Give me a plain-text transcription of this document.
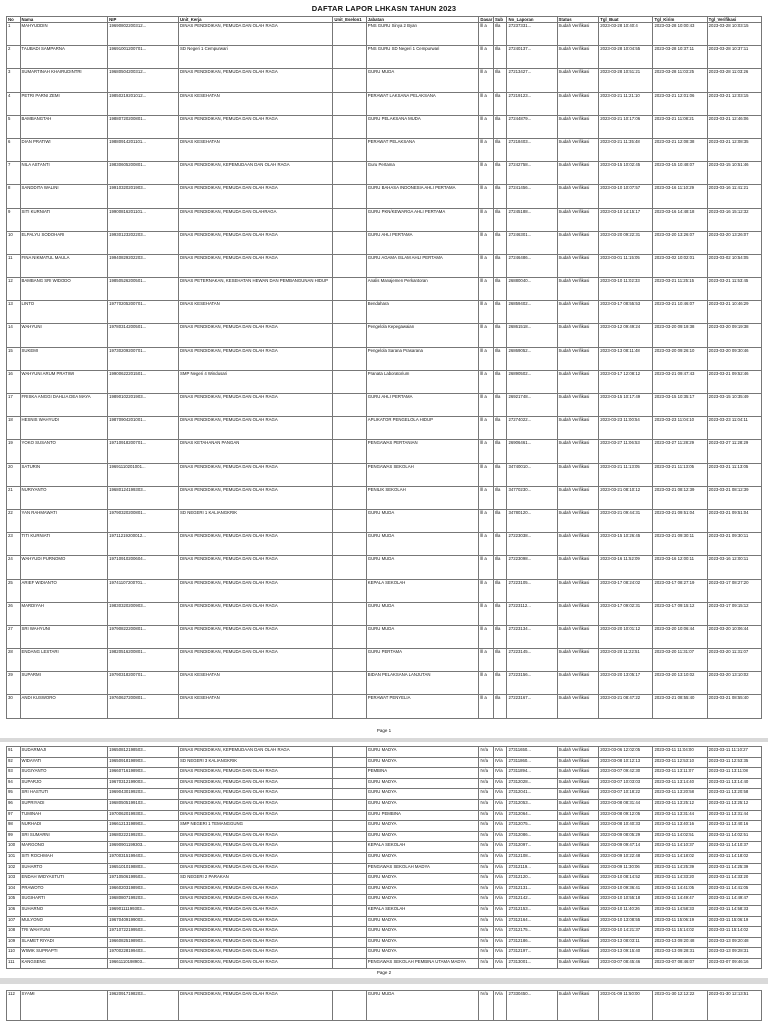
DAFTAR LAPOR LHKASN TAHUN 2023
No	Nama	NIP	Unit_Kerja	Unit_Eselon1	Jabatan	Dasar	Sub	No_Laporan	Status	Tgl_Buat	Tgl_Kirim	Tgl_Verifikasi
1	MAHYUDDIN	19690802200312...	DINAS PENDIDIKAN, PEMUDA DAN OLAH RAGA		PNS GURU Sinya 2 Byan	lll a	Illa	27237331...	Sudah Verifikasi	2023-03-28 10:40:4	2023-03-28 10:00:43	2023-03-28 10:03:15
2	TAUBADI SAMPARNA	19691001200701...	SD Negeri 1 Cempurwari		PNS GURU SD Negeri 1 Cempurwari	lll a	Illa	27240137...	Sudah Verifikasi	2023-03-28 10:04:55	2023-03-28 10:37:11	2023-03-28 10:37:11
3	SUMARTINAH KHAIRUDINTRI	19680504200312...	DINAS PENDIDIKAN, PEMUDA DAN OLAH RAGA		GURU MUDA	lll a	Illa	27213427...	Sudah Verifikasi	2023-03-28 10:51:21	2023-03-28 11:03:25	2023-03-28 11:03:26
4	PETRI PARNI ZEMI	19850219201012...	DINAS KESEHATAN		PERAWAT LAKSANA PELAKSANA	lll a	Illa	27219123...	Sudah Verifikasi	2023-03-21 11:21:10	2023-03-21 12:01:06	2023-03-21 12:03:15
5	BAMBANGTAH	19880720200801...	DINAS PENDIDIKAN, PEMUDA DAN OLAH RAGA		GURU PELAKSANA MUDA	lll a	Illa	27244879...	Sudah Verifikasi	2023-03-21 10:17:06	2023-03-21 11:08:21	2023-03-21 12:46:06
6	DIAN PRATIWI	19880914201101...	DINAS KESEHATAN		PERAWAT PELAKSANA	lll a	Illa	27218403...	Sudah Verifikasi	2023-03-21 11:35:48	2023-03-21 12:08:38	2023-03-21 12:08:35
7	NILA ASTANTI	19830605200801...	DINAS PENDIDIKAN, KEPEMUDAAN DAN OLAH RAGA		Guru Pertama	lll a	Illa	27242758...	Sudah Verifikasi	2023-03-15 10:02:45	2023-03-15 10:48:07	2023-03-15 10:51:46
8	SANDDITA WALINI	19910320201903...	DINAS PENDIDIKAN, PEMUDA DAN OLAH RAGA		GURU BAHASA INDONESIA AHLI PERTAMA	lll a	Illa	27241456...	Sudah Verifikasi	2023-03-10 10:07:57	2023-03-16 11:10:29	2023-03-16 11:41:21
9	SITI KURNIATI	19900816201101...	DINAS PENDIDIKAN, PEMUDA DAN OLAHRAGA		GURU PKN/KEWARGA AHLI PERTAMA	lll a	Illa	27245188...	Sudah Verifikasi	2023-03-10 14:15:17	2023-03-16 14:48:18	2023-03-16 15:12:32
10	ELPALYU SODOHARI	19930123202203...	DINAS PENDIDIKAN, PEMUDA DAN OLAH RAGA		GURU AHLI PERTAMA	lll a	Illa	27246301...	Sudah Verifikasi	2023-03-20 09:22:31	2023-03-20 13:26:07	2023-03-20 13:26:07
11	FINA NIKMATUL MAULA	19940829202203...	DINAS PENDIDIKAN, PEMUDA DAN OLAH RAGA		GURU AGAMA ISLAM AHLI PERTAMA	lll a	Illa	27246486...	Sudah Verifikasi	2023-03-01 11:15:05	2023-03-02 10:02:01	2023-03-02 10:54:05
12	BAMBANG SRI WIDODO	19850526200501...	DINAS PETERNAKAN, KESEHATAN HEWAN DAN PEMBANGUNAN HIDUP		Analis Manajemen Perkantoran	lll a	Illa	26880040...	Sudah Verifikasi	2023-03-10 11:02:33	2023-03-21 11:25:15	2023-03-21 11:53:45
13	LINTO	19770205200701...	DINAS KESEHATAN		Bendahara	lll a	Illa	26859402...	Sudah Verifikasi	2023-03-17 08:55:53	2023-03-21 10:46:07	2023-03-21 10:46:29
14	WAHYUNI	19780314200501...	DINAS PENDIDIKAN, PEMUDA DAN OLAH RAGA		Pengelola Kepegawaian	lll a	Illa	26861518...	Sudah Verifikasi	2023-03-12 09:49:24	2023-03-20 09:19:38	2023-03-20 09:19:38
15	SUKEMI	19730209200701...	DINAS PENDIDIKAN, PEMUDA DAN OLAH RAGA		Pengelola Sarana Prasarana	lll a	Illa	26869052...	Sudah Verifikasi	2023-03-13 08:11:48	2023-03-20 09:26:10	2023-03-20 09:30:46
16	WAHYUNI ARUM PRATIWI	19900622201501...	SMP Negeri 4 Windusari		Pranata Laboratorium	lll a	Illa	26890502...	Sudah Verifikasi	2023-03-17 12:08:12	2023-03-21 09:47:43	2023-03-21 09:52:46
17	FRISKA ANGGI DAHLIA DEA MAYA	19890102201903...	DINAS PENDIDIKAN, PEMUDA DAN OLAH RAGA		GURU AHLI PERTAMA	lll a	Illa	26921748...	Sudah Verifikasi	2023-03-15 10:17:49	2023-03-15 10:35:17	2023-03-15 10:35:49
18	HESNIS WAHYUDI	19870904201001...	DINAS PENDIDIKAN, PEMUDA DAN OLAH RAGA		APLIKATOR PENGELOLA HIDUP	lll a	Illa	27274022...	Sudah Verifikasi	2023-03-23 11:00:54	2023-03-23 11:04:10	2023-03-23 11:04:11
19	YOKO SUSANTO	19710918200701...	DINAS KETAHANAN PANGAN		PENGAWAS PERTANIAN	lll a	Illa	26906461...	Sudah Verifikasi	2023-03-27 11:06:53	2023-03-27 11:28:29	2023-03-27 11:28:29
20	SATURIN	19691110201001...	DINAS PENDIDIKAN, PEMUDA DAN OLAH RAGA		PENGAWAS SEKOLAH	lll a	Illa	34740010...	Sudah Verifikasi	2023-03-21 11:13:05	2023-03-21 11:13:05	2023-03-21 11:13:05
21	NURIYANTO	19680124199303...	DINAS PENDIDIKAN, PEMUDA DAN OLAH RAGA		PENILIK SEKOLAH	lll a	Illa	34770230...	Sudah Verifikasi	2023-03-21 08:10:12	2023-03-21 08:12:39	2023-03-21 08:12:39
22	YAN RAHMAWATI	19790320200801...	SD NEGERI 1 KALIANGKRIK		GURU MUDA	lll a	Illa	34780120...	Sudah Verifikasi	2023-03-21 09:44:31	2023-03-21 09:51:04	2023-03-21 09:51:04
23	TITI KURNIATI	19711219200012...	DINAS PENDIDIKAN, PEMUDA DAN OLAH RAGA		GURU MUDA	lll a	Illa	27223038...	Sudah Verifikasi	2023-03-15 10:26:45	2023-03-21 09:30:11	2023-03-21 09:30:11
24	WAHYUDI PURNOMO	19710910200604...	DINAS PENDIDIKAN, PEMUDA DAN OLAH RAGA		GURU MUDA	lll a	Illa	27223098...	Sudah Verifikasi	2023-03-16 11:52:09	2023-03-16 12:00:11	2023-03-16 12:00:11
25	ARIEF WIDIANTO	19741107200701...	DINAS PENDIDIKAN, PEMUDA DAN OLAH RAGA		KEPALA SEKOLAH	lll a	Illa	27223105...	Sudah Verifikasi	2023-03-17 08:24:02	2023-03-17 08:27:19	2023-03-17 08:27:20
26	MARDIYAH	19830320200903...	DINAS PENDIDIKAN, PEMUDA DAN OLAH RAGA		GURU MUDA	lll a	Illa	27223112...	Sudah Verifikasi	2023-03-17 09:02:31	2023-03-17 09:15:12	2023-03-17 09:15:12
27	SRI WAHYUNI	19790822200801...	DINAS PENDIDIKAN, PEMUDA DAN OLAH RAGA		GURU MUDA	lll a	Illa	27223134...	Sudah Verifikasi	2023-03-20 10:01:12	2023-03-20 10:06:44	2023-03-20 10:06:44
28	ENDANG LESTARI	19820516200801...	DINAS PENDIDIKAN, PEMUDA DAN OLAH RAGA		GURU PERTAMA	lll a	Illa	27223145...	Sudah Verifikasi	2023-03-20 11:22:51	2023-03-20 11:31:07	2023-03-20 11:31:07
29	SUPARMI	19790318200701...	DINAS KESEHATAN		BIDAN PELAKSANA LANJUTAN	lll a	Illa	27223156...	Sudah Verifikasi	2023-03-20 13:05:17	2023-03-20 13:10:02	2023-03-20 13:10:02
30	ANDI KUSWORO	19760627200801...	DINAS KESEHATAN		PERAWAT PENYELIA	lll a	Illa	27223167...	Sudah Verifikasi	2023-03-21 08:47:22	2023-03-21 08:55:40	2023-03-21 08:55:40
Page 1
91	SUDARMAJI	19650812198503...	DINAS PENDIDIKAN, KEPEMUDAAN DAN OLAH RAGA		GURU MADYA	IV/a	IV/a	27311650...	Sudah Verifikasi	2023-03-06 12:02:05	2023-03-11 11:04:00	2023-03-11 11:10:27
92	WIDAYATI	19650918198903...	SD NEGERI 3 KALIANGKRIK		GURU MADYA	IV/a	IV/a	27311860...	Sudah Verifikasi	2023-03-08 10:12:13	2023-03-11 12:53:10	2023-03-11 12:53:35
93	SUGIYANTO	19660716198903...	DINAS PENDIDIKAN, PEMUDA DAN OLAH RAGA		PEMBINA	IV/a	IV/a	27311894...	Sudah Verifikasi	2023-03-07 09:42:30	2023-03-11 13:11:07	2023-03-11 13:11:08
94	SUPARJO	19670312199003...	DINAS PENDIDIKAN, PEMUDA DAN OLAH RAGA		GURU MADYA	IV/a	IV/a	27312028...	Sudah Verifikasi	2023-03-07 10:03:03	2023-03-11 13:14:40	2023-03-11 13:14:40
95	SRI HASTUTI	19690430199203...	DINAS PENDIDIKAN, PEMUDA DAN OLAH RAGA		GURU MADYA	IV/a	IV/a	27312041...	Sudah Verifikasi	2023-03-07 10:18:22	2023-03-11 13:20:58	2023-03-11 13:20:58
96	SUPRIYADI	19680505199103...	DINAS PENDIDIKAN, PEMUDA DAN OLAH RAGA		GURU MADYA	IV/a	IV/a	27312053...	Sudah Verifikasi	2023-03-08 08:31:44	2023-03-11 13:25:12	2023-03-11 13:25:12
97	TUMINAH	19700620199303...	DINAS PENDIDIKAN, PEMUDA DAN OLAH RAGA		GURU PEMBINA	IV/a	IV/a	27312064...	Sudah Verifikasi	2023-03-08 09:12:05	2023-03-11 13:31:44	2023-03-11 13:31:44
98	NURHADI	19661213198903...	SMP NEGERI 1 TEMANGGUNG		GURU MADYA	IV/a	IV/a	27312075...	Sudah Verifikasi	2023-03-08 10:40:33	2023-03-11 13:40:16	2023-03-11 13:40:16
99	SRI SUMARNI	19680222199203...	DINAS PENDIDIKAN, PEMUDA DAN OLAH RAGA		GURU MADYA	IV/a	IV/a	27312086...	Sudah Verifikasi	2023-03-09 08:05:29	2023-03-11 14:02:51	2023-03-11 14:02:51
100	MARGONO	19690901199303...	DINAS PENDIDIKAN, PEMUDA DAN OLAH RAGA		KEPALA SEKOLAH	IV/a	IV/a	27312097...	Sudah Verifikasi	2023-03-09 09:47:14	2023-03-11 14:10:37	2023-03-11 14:10:37
101	SITI ROCHMAH	19700315199403...	DINAS PENDIDIKAN, PEMUDA DAN OLAH RAGA		GURU MADYA	IV/a	IV/a	27312108...	Sudah Verifikasi	2023-03-09 10:22:48	2023-03-11 14:18:02	2023-03-11 14:18:02
102	SUHARTO	19651010198803...	DINAS PENDIDIKAN, PEMUDA DAN OLAH RAGA		PENGAWAS SEKOLAH MADYA	IV/a	IV/a	27312119...	Sudah Verifikasi	2023-03-09 11:30:06	2023-03-11 14:25:39	2023-03-11 14:25:39
103	ENDAH WIDYASTUTI	19710506199503...	SD NEGERI 2 PARAKAN		GURU MADYA	IV/a	IV/a	27312120...	Sudah Verifikasi	2023-03-10 08:14:52	2023-03-11 14:33:20	2023-03-11 14:33:20
104	PRAWOTO	19660203198903...	DINAS PENDIDIKAN, PEMUDA DAN OLAH RAGA		GURU MADYA	IV/a	IV/a	27312131...	Sudah Verifikasi	2023-03-10 09:36:41	2023-03-11 14:41:05	2023-03-11 14:41:05
105	SUGIHARTI	19680807199203...	DINAS PENDIDIKAN, PEMUDA DAN OLAH RAGA		GURU MADYA	IV/a	IV/a	27312142...	Sudah Verifikasi	2023-03-10 10:55:18	2023-03-11 14:49:47	2023-03-11 14:49:47
106	SUHARNO	19690111199303...	DINAS PENDIDIKAN, PEMUDA DAN OLAH RAGA		KEPALA SEKOLAH	IV/a	IV/a	27312153...	Sudah Verifikasi	2023-03-10 11:40:26	2023-03-11 14:58:33	2023-03-11 14:58:33
107	MULYONO	19670409199003...	DINAS PENDIDIKAN, PEMUDA DAN OLAH RAGA		GURU MADYA	IV/a	IV/a	27312164...	Sudah Verifikasi	2023-03-10 13:08:55	2023-03-11 15:06:19	2023-03-11 15:06:19
108	TRI WAHYUNI	19710722199503...	DINAS PENDIDIKAN, PEMUDA DAN OLAH RAGA		GURU MADYA	IV/a	IV/a	27312175...	Sudah Verifikasi	2023-03-10 14:21:37	2023-03-11 15:14:02	2023-03-11 15:14:02
109	SLAMET RIYADI	19660825198903...	DINAS PENDIDIKAN, PEMUDA DAN OLAH RAGA		GURU MADYA	IV/a	IV/a	27312186...	Sudah Verifikasi	2023-03-13 08:03:11	2023-03-13 09:20:48	2023-03-13 09:20:48
110	WIWIK SUPRAPTI	19700228199403...	DINAS PENDIDIKAN, PEMUDA DAN OLAH RAGA		GURU MADYA	IV/a	IV/a	27312197...	Sudah Verifikasi	2023-03-13 09:15:40	2023-03-13 09:28:31	2023-03-13 09:28:31
111	KANGSENG	19661110198903...	DINAS PENDIDIKAN, PEMUDA DAN OLAH RAGA		PENGAWAS SEKOLAH PEMBINA UTAMA MADYA	IV/a	IV/a	27313001...	Sudah Verifikasi	2023-03-07 08:45:46	2023-03-07 08:46:07	2023-03-07 09:46:16
Page 2
112	SYAMI	19620917198203...	DINAS PENDIDIKAN, PEMUDA DAN OLAH RAGA		GURU MUDA	IV/a	IV/a	27330450...	Sudah Verifikasi	2023-01-09 11:50:00	2023-01-30 12:12:22	2023-01-30 12:13:51
